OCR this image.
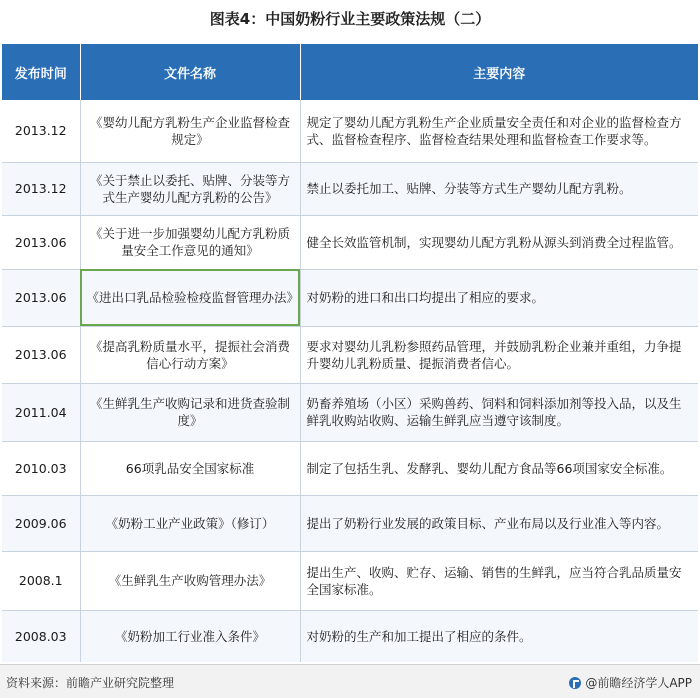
图表4：中国奶粉行业主要政策法规（二）
发布时间	文件名称	主要内容
2013.12	《婴幼儿配方乳粉生产企业监督检查规定》	规定了婴幼儿配方乳粉生产企业质量安全责任和对企业的监督检查方式、监督检查程序、监督检查结果处理和监督检查工作要求等。
2013.12	《关于禁止以委托、贴牌、分装等方式生产婴幼儿配方乳粉的公告》	禁止以委托加工、贴牌、分装等方式生产婴幼儿配方乳粉。
2013.06	《关于进一步加强婴幼儿配方乳粉质量安全工作意见的通知》	健全长效监管机制，实现婴幼儿配方乳粉从源头到消费全过程监管。
2013.06	《进出口乳品检验检疫监督管理办法》	对奶粉的进口和出口均提出了相应的要求。
2013.06	《提高乳粉质量水平，提振社会消费信心行动方案》	要求对婴幼儿乳粉参照药品管理，并鼓励乳粉企业兼并重组，力争提升婴幼儿乳粉质量、提振消费者信心。
2011.04	《生鲜乳生产收购记录和进货查验制度》	奶畜养殖场（小区）采购兽药、饲料和饲料添加剂等投入品，以及生鲜乳收购站收购、运输生鲜乳应当遵守该制度。
2010.03	66项乳品安全国家标准	制定了包括生乳、发酵乳、婴幼儿配方食品等66项国家安全标准。
2009.06	《奶粉工业产业政策》（修订）	提出了奶粉行业发展的政策目标、产业布局以及行业准入等内容。
2008.1	《生鲜乳生产收购管理办法》	提出生产、收购、贮存、运输、销售的生鲜乳，应当符合乳品质量安全国家标准。
2008.03	《奶粉加工行业准入条件》	对奶粉的生产和加工提出了相应的条件。
资料来源：前瞻产业研究院整理	@前瞻经济学人APP
